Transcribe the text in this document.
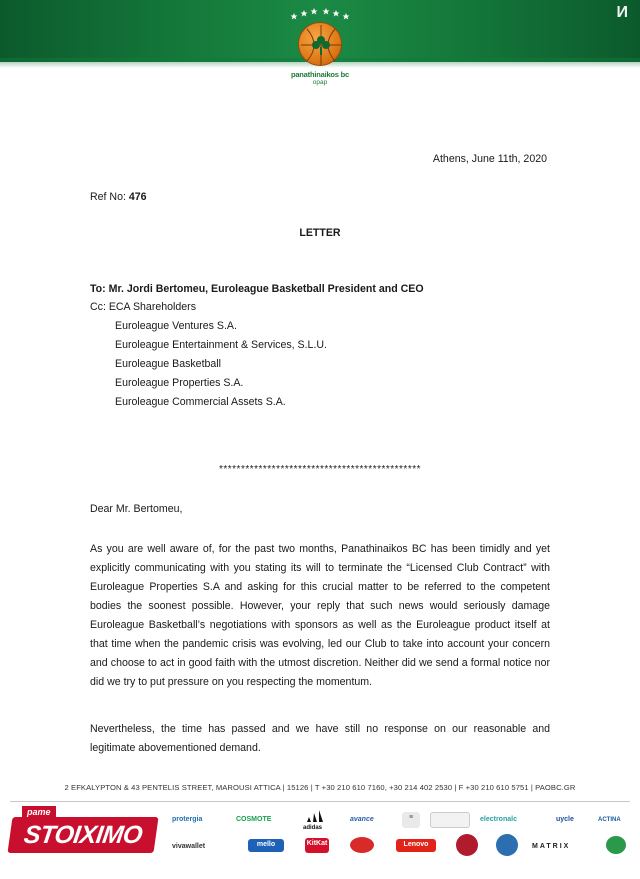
И
panathinaikos bc
opap
Athens, June 11th, 2020
Ref No: 476
LETTER
To: Mr. Jordi Bertomeu, Euroleague Basketball President and CEO
Cc: ECA Shareholders
Euroleague Ventures S.A.
Euroleague Entertainment & Services, S.L.U.
Euroleague Basketball
Euroleague Properties S.A.
Euroleague Commercial Assets S.A.
**********************************************
Dear Mr. Bertomeu,
As you are well aware of, for the past two months, Panathinaikos BC has been timidly and yet explicitly communicating with you stating its will to terminate the “Licensed Club Contract” with Euroleague Properties S.A and asking for this crucial matter to be referred to the competent bodies the soonest possible. However, your reply that such news would seriously damage Euroleague Basketball’s negotiations with sponsors as well as the Euroleague product itself at that time when the pandemic crisis was evolving, led our Club to take into account your concern and choose to act in good faith with the utmost discretion. Neither did we send a formal notice nor did we try to put pressure on you respecting the momentum.
Nevertheless, the time has passed and we have still no response on our reasonable and legitimate abovementioned demand.
2 EFKALYPTON & 43 PENTELIS STREET, MAROUSI ATTICA | 15126 | T +30 210 610 7160, +30 214 402 2530 | F +30 210 610 5751 | PAOBC.GR
pame
STOIXIMO
protergia	COSMOTE
adidas
avance	≡	electronalc	uycle	ACTINA
vivawallet	mello	KitKat	Lenovo	MATRIX
